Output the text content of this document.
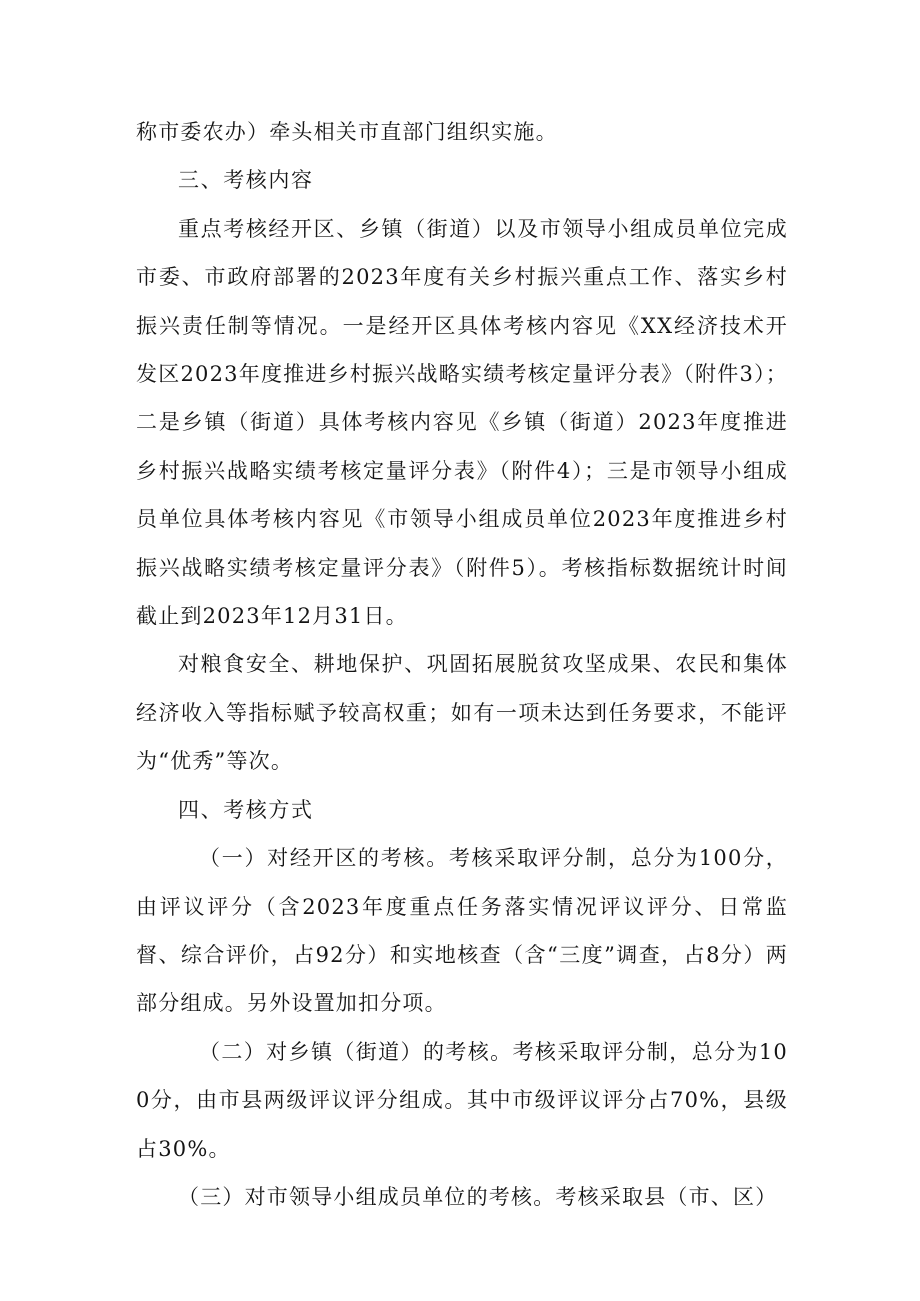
称市委农办）牵头相关市直部门组织实施。

三、考核内容

重点考核经开区、乡镇（街道）以及市领导小组成员单位完成市委、市政府部署的2023年度有关乡村振兴重点工作、落实乡村振兴责任制等情况。一是经开区具体考核内容见《XX经济技术开发区2023年度推进乡村振兴战略实绩考核定量评分表》（附件3）；二是乡镇（街道）具体考核内容见《乡镇（街道）2023年度推进乡村振兴战略实绩考核定量评分表》（附件4）；三是市领导小组成员单位具体考核内容见《市领导小组成员单位2023年度推进乡村振兴战略实绩考核定量评分表》（附件5）。考核指标数据统计时间截止到2023年12月31日。

对粮食安全、耕地保护、巩固拓展脱贫攻坚成果、农民和集体经济收入等指标赋予较高权重；如有一项未达到任务要求，不能评为“优秀”等次。

四、考核方式

（一）对经开区的考核。考核采取评分制，总分为100分，由评议评分（含2023年度重点任务落实情况评议评分、日常监督、综合评价，占92分）和实地核查（含“三度”调查，占8分）两部分组成。另外设置加扣分项。

（二）对乡镇（街道）的考核。考核采取评分制，总分为100分，由市县两级评议评分组成。其中市级评议评分占70%，县级占30%。

（三）对市领导小组成员单位的考核。考核采取县（市、区）
